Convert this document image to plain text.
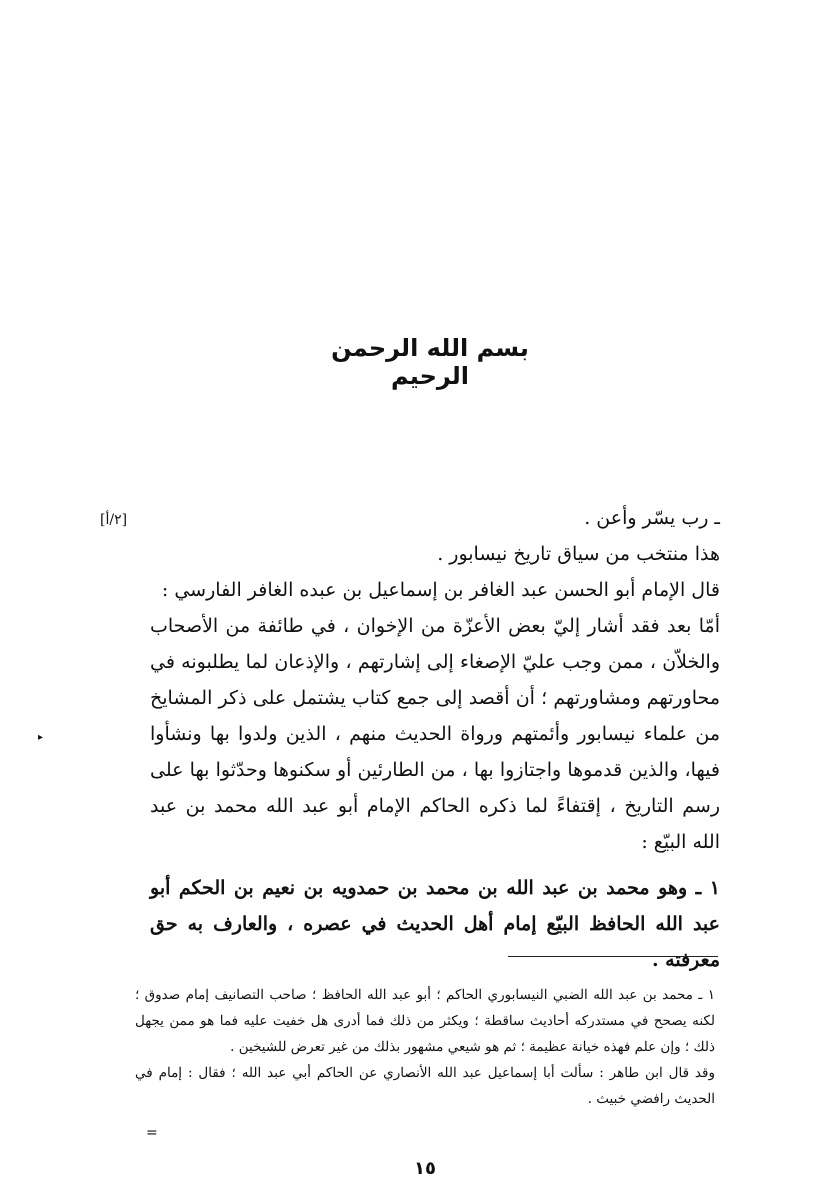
بسم الله الرحمن الرحيم
[٢/أ]	ـ رب يسّر وأعن .

هذا منتخب من سياق تاريخ نيسابور .

قال الإمام أبو الحسن عبد الغافر بن إسماعيل بن عبده الغافر الفارسي :

أمّا بعد فقد أشار إليّ بعض الأعزّة من الإخوان ، في طائفة من الأصحاب والخلاّن ، ممن وجب عليّ الإصغاء إلى إشارتهم ، والإذعان لما يطلبونه في محاورتهم ومشاورتهم ؛ أن أقصد إلى جمع كتاب يشتمل على ذكر المشايخ من علماء نيسابور وأئمتهم ورواة الحديث منهم ، الذين ولدوا بها ونشأوا فيها، والذين قدموها واجتازوا بها ، من الطارئين أو سكنوها وحدّثوا بها على رسم التاريخ ، إقتفاءً لما ذكره الحاكم الإمام أبو عبد الله محمد بن عبد الله البيّع :

١ ـ وهو محمد بن عبد الله بن محمد بن حمدويه بن نعيم بن الحكم أبو عبد الله الحافظ البيّع إمام أهل الحديث في عصره ، والعارف به حق معرفته .

▸

١ ـ محمد بن عبد الله الضبي النيسابوري الحاكم ؛ أبو عبد الله الحافظ ؛ صاحب التصانيف إمام صدوق ؛ لكنه يصحح في مستدركه أحاديث ساقطة ؛ ويكثر من ذلك فما أدرى هل خفيت عليه فما هو ممن يجهل ذلك ؛ وإن علم فهذه خيانة عظيمة ؛ ثم هو شيعي مشهور بذلك من غير تعرض للشيخين .

وقد قال ابن طاهر : سألت أبا إسماعيل عبد الله الأنصاري عن الحاكم أبي عبد الله ؛ فقال : إمام في الحديث رافضي خبيث .

=
١٥
